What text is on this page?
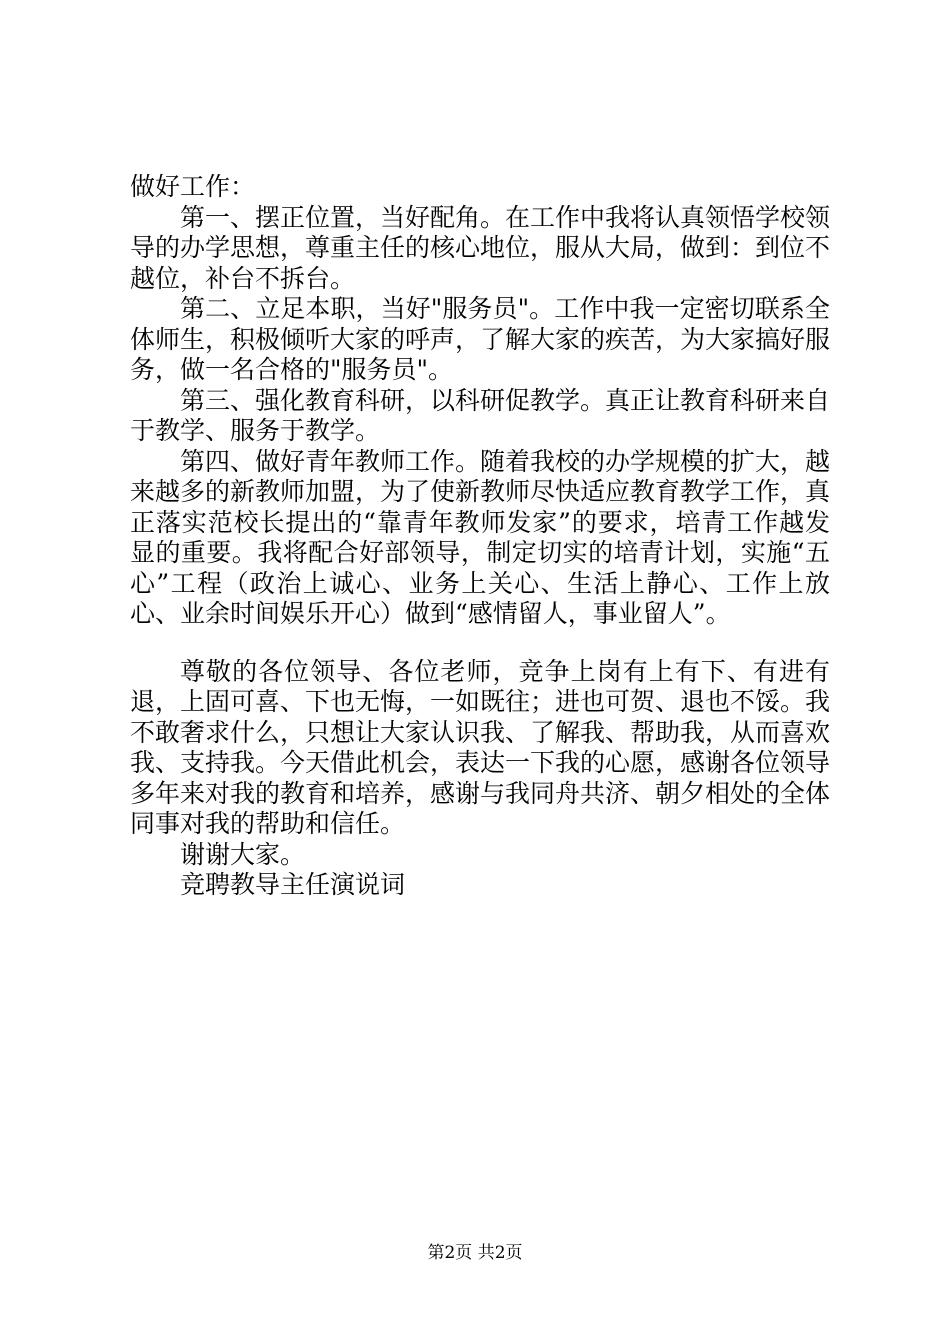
做好工作：

第一、摆正位置，当好配角。在工作中我将认真领悟学校领导的办学思想，尊重主任的核心地位，服从大局，做到：到位不越位，补台不拆台。

第二、立足本职，当好"服务员"。工作中我一定密切联系全体师生，积极倾听大家的呼声，了解大家的疾苦，为大家搞好服务，做一名合格的"服务员"。

第三、强化教育科研，以科研促教学。真正让教育科研来自于教学、服务于教学。

第四、做好青年教师工作。随着我校的办学规模的扩大，越来越多的新教师加盟，为了使新教师尽快适应教育教学工作，真正落实范校长提出的“靠青年教师发家”的要求，培青工作越发显的重要。我将配合好部领导，制定切实的培青计划，实施“五心”工程（政治上诚心、业务上关心、生活上静心、工作上放心、业余时间娱乐开心）做到“感情留人，事业留人”。

尊敬的各位领导、各位老师，竞争上岗有上有下、有进有退，上固可喜、下也无悔，一如既往；进也可贺、退也不馁。我不敢奢求什么，只想让大家认识我、了解我、帮助我，从而喜欢我、支持我。今天借此机会，表达一下我的心愿，感谢各位领导多年来对我的教育和培养，感谢与我同舟共济、朝夕相处的全体同事对我的帮助和信任。

谢谢大家。

竞聘教导主任演说词

第2页 共2页
